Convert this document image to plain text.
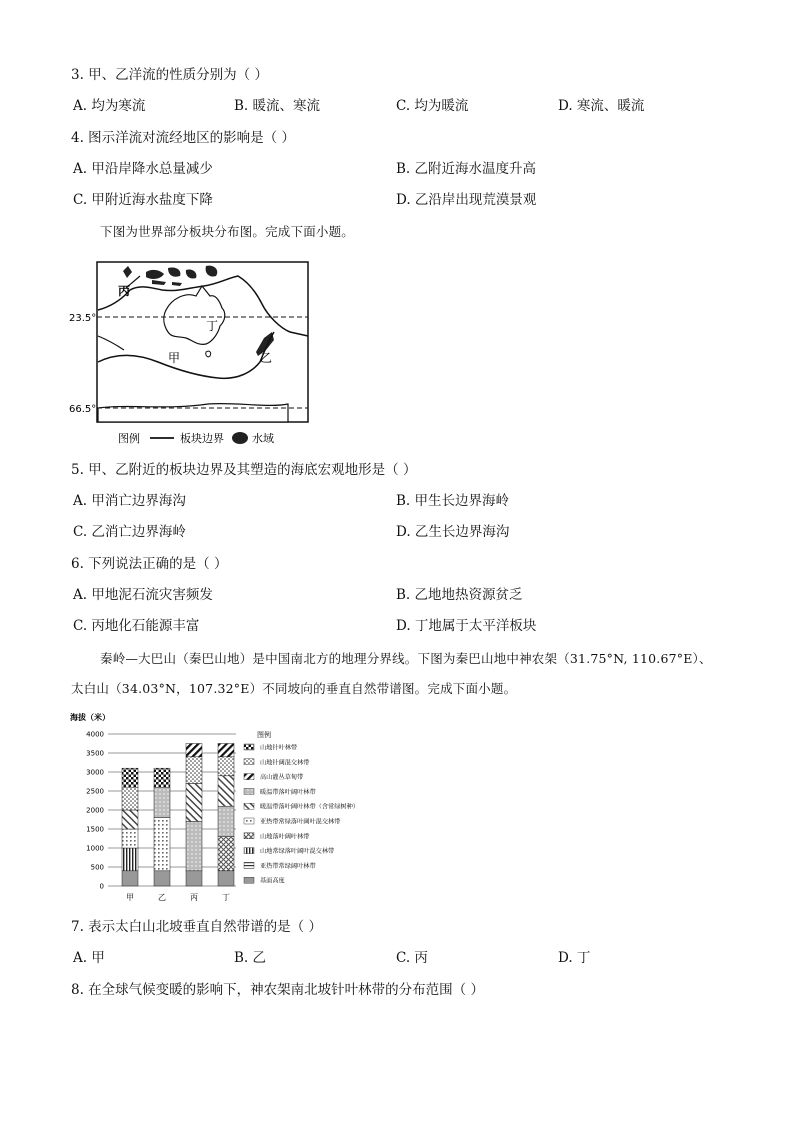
3. 甲、乙洋流的性质分别为（ ）
A. 均为寒流	B. 暖流、寒流	C. 均为暖流	D. 寒流、暖流
4. 图示洋流对流经地区的影响是（ ）
A. 甲沿岸降水总量减少	B. 乙附近海水温度升高
C. 甲附近海水盐度下降	D. 乙沿岸出现荒漠景观
下图为世界部分板块分布图。完成下面小题。
23.5°
66.5°
丙
丁
甲	乙
图例	板块边界	水域
5. 甲、乙附近的板块边界及其塑造的海底宏观地形是（ ）
A. 甲消亡边界海沟	B. 甲生长边界海岭
C. 乙消亡边界海岭	D. 乙生长边界海沟
6. 下列说法正确的是（ ）
A. 甲地泥石流灾害频发	B. 乙地地热资源贫乏
C. 丙地化石能源丰富	D. 丁地属于太平洋板块
秦岭—大巴山（秦巴山地）是中国南北方的地理分界线。下图为秦巴山地中神农架（31.75°N, 110.67°E）、
太白山（34.03°N，107.32°E）不同坡向的垂直自然带谱图。完成下面小题。
海拔（米）
0
500
1000
1500
2000
2500
3000
3500
4000
甲	乙	丙	丁
图例
山地针叶林带
山地针阔混交林带
高山灌丛草甸带
暖温带落叶阔叶林带
暖温带落叶阔叶林带（含常绿树种）
亚热带常绿落叶阔叶混交林带
山地落叶阔叶林带
山地常绿落叶阔叶混交林带
亚热带常绿阔叶林带
基面高度
7. 表示太白山北坡垂直自然带谱的是（ ）
A. 甲	B. 乙	C. 丙	D. 丁
8. 在全球气候变暖的影响下，神农架南北坡针叶林带的分布范围（ ）
